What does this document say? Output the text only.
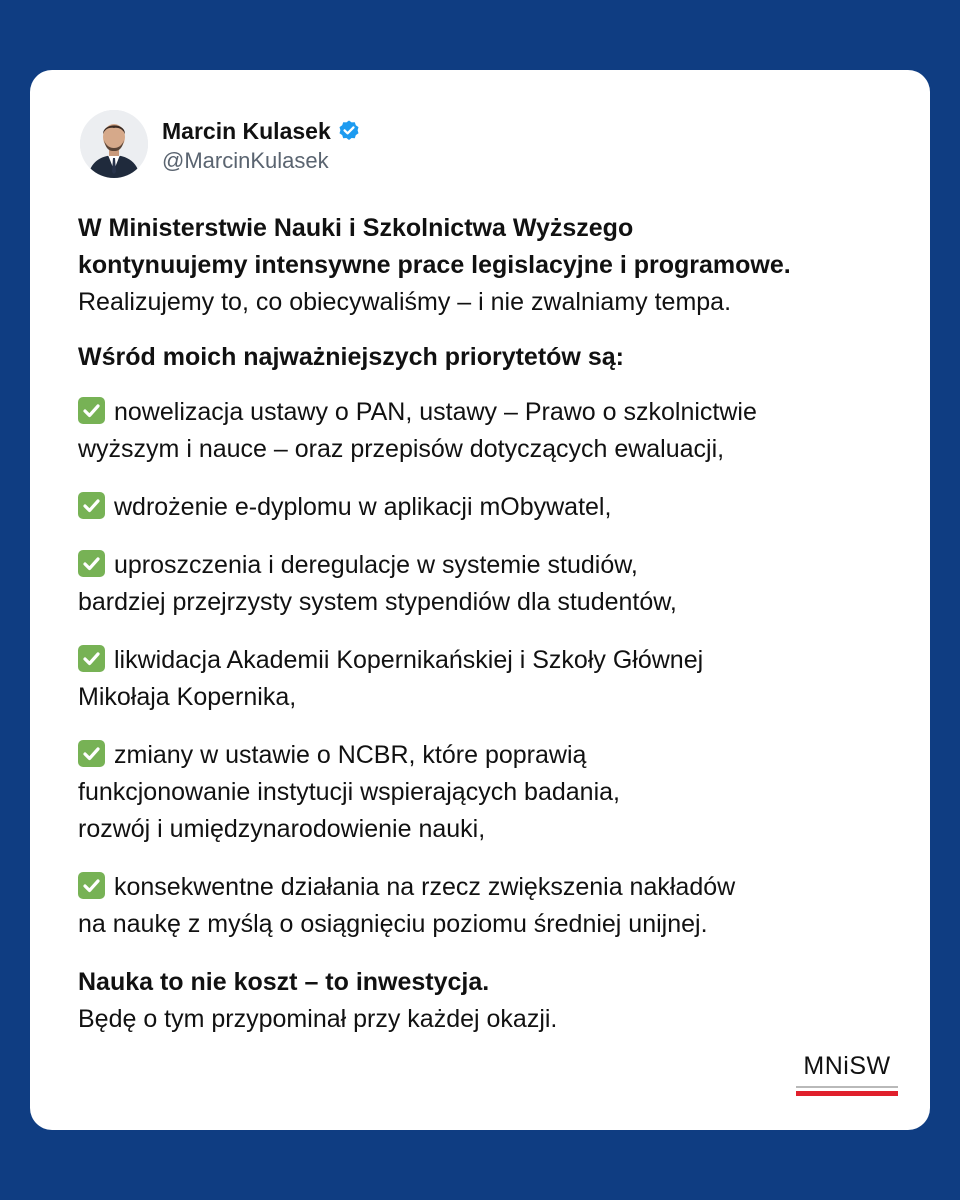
Marcin Kulasek
@MarcinKulasek

W Ministerstwie Nauki i Szkolnictwa Wyższego
kontynuujemy intensywne prace legislacyjne i programowe.

Realizujemy to, co obiecywaliśmy – i nie zwalniamy tempa.

Wśród moich najważniejszych priorytetów są:

nowelizacja ustawy o PAN, ustawy – Prawo o szkolnictwie
wyższym i nauce – oraz przepisów dotyczących ewaluacji,

wdrożenie e-dyplomu w aplikacji mObywatel,

uproszczenia i deregulacje w systemie studiów,
bardziej przejrzysty system stypendiów dla studentów,

likwidacja Akademii Kopernikańskiej i Szkoły Głównej
Mikołaja Kopernika,

zmiany w ustawie o NCBR, które poprawią
funkcjonowanie instytucji wspierających badania,
rozwój i umiędzynarodowienie nauki,

konsekwentne działania na rzecz zwiększenia nakładów
na naukę z myślą o osiągnięciu poziomu średniej unijnej.

Nauka to nie koszt – to inwestycja.
Będę o tym przypominał przy każdej okazji.

MNiSW
